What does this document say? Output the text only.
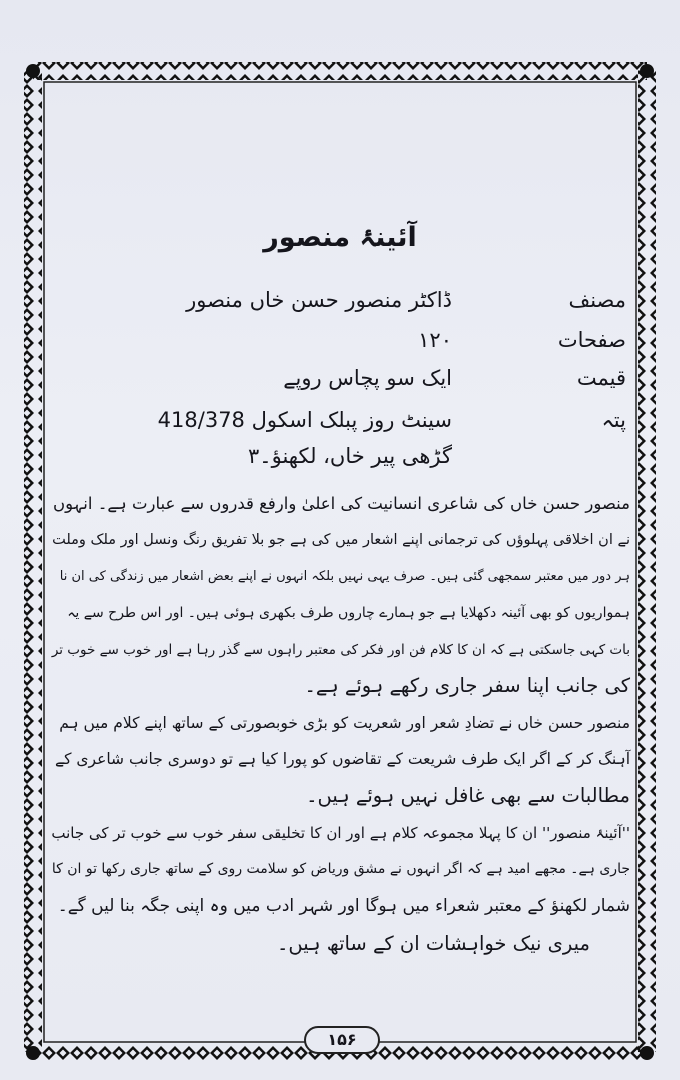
آئینۂ منصور
مصنف
ڈاکٹر منصور حسن خاں منصور
صفحات
۱۲۰
قیمت
ایک سو پچاس روپے
پتہ
سینٹ روز پبلک اسکول 418/378
گڑھی پیر خاں، لکھنؤ۔۳
منصور حسن خاں کی شاعری انسانیت کی اعلیٰ وارفع قدروں سے عبارت ہے۔ انہوں
نے ان اخلاقی پہلوؤں کی ترجمانی اپنے اشعار میں کی ہے جو بلا تفریق رنگ ونسل اور ملک وملت
ہر دور میں معتبر سمجھی گئی ہیں۔ صرف یہی نہیں بلکہ انہوں نے اپنے بعض اشعار میں زندگی کی ان نا
ہمواریوں کو بھی آئینہ دکھلایا ہے جو ہمارے چاروں طرف بکھری ہوئی ہیں۔ اور اس طرح سے یہ
بات کہی جاسکتی ہے کہ ان کا کلام فن اور فکر کی معتبر راہوں سے گذر رہا ہے اور خوب سے خوب تر
کی جانب اپنا سفر جاری رکھے ہوئے ہے۔
منصور حسن خاں نے تضادِ شعر اور شعریت کو بڑی خوبصورتی کے ساتھ اپنے کلام میں ہم
آہنگ کر کے اگر ایک طرف شریعت کے تقاضوں کو پورا کیا ہے تو دوسری جانب شاعری کے
مطالبات سے بھی غافل نہیں ہوئے ہیں۔
''آئینۂ منصور'' ان کا پہلا مجموعہ کلام ہے اور ان کا تخلیقی سفر خوب سے خوب تر کی جانب
جاری ہے۔ مجھے امید ہے کہ اگر انہوں نے مشق وریاض کو سلامت روی کے ساتھ جاری رکھا تو ان کا
شمار لکھنؤ کے معتبر شعراء میں ہوگا اور شہر ادب میں وہ اپنی جگہ بنا لیں گے۔
میری نیک خواہشات ان کے ساتھ ہیں۔
۱۵۶
